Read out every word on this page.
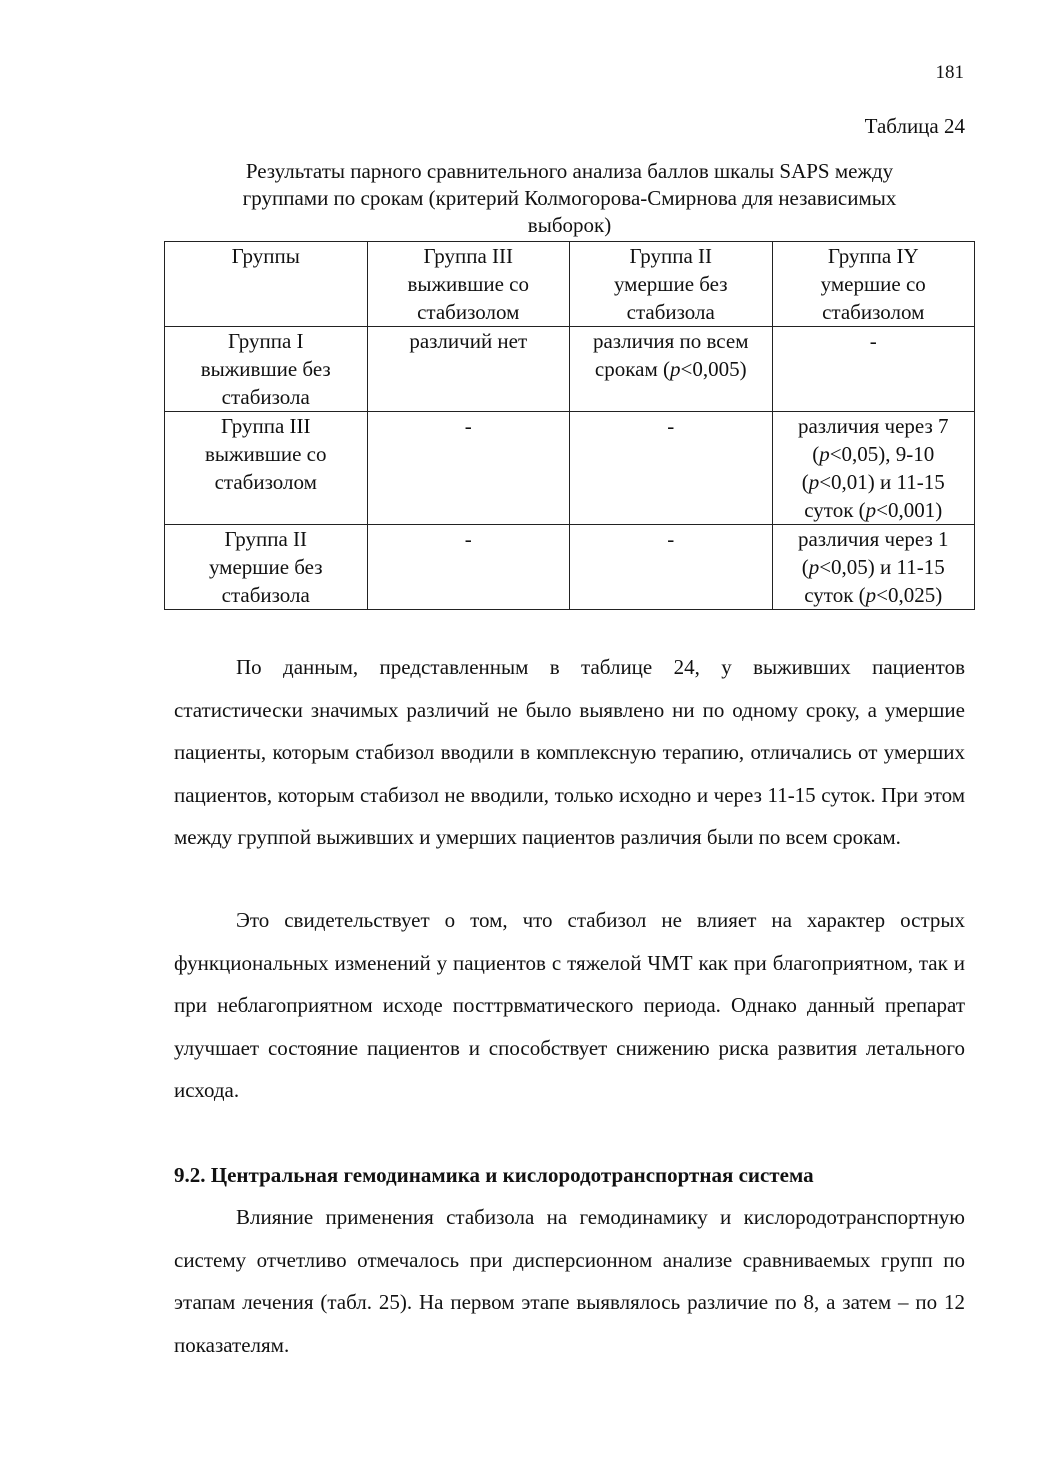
181
Таблица 24
Результаты парного сравнительного анализа баллов шкалы SAPS между
группами по срокам (критерий Колмогорова-Смирнова для независимых
выборок)
Группы	Группа III
выжившие со
стабизолом	Группа II
умершие без
стабизола	Группа IY
умершие со
стабизолом

Группа I
выжившие без
стабизола	различий нет	различия по всем
срокам (p<0,005)	-

Группа III
выжившие со
стабизолом	-	-	различия через 7
(p<0,05), 9-10
(p<0,01) и 11-15
суток (p<0,001)

Группа II
умершие без
стабизола	-	-	различия через 1
(p<0,05) и 11-15
суток (p<0,025)

По данным, представленным в таблице 24, у выживших пациентов статистически значимых различий не было выявлено ни по одному сроку, а умершие пациенты, которым стабизол вводили в комплексную терапию, отличались от умерших пациентов, которым стабизол не вводили, только исходно и через 11-15 суток. При этом между группой выживших и умерших пациентов различия были по всем срокам.

Это свидетельствует о том, что стабизол не влияет на характер острых функциональных изменений у пациентов с тяжелой ЧМТ как при благоприятном, так и при неблагоприятном исходе посттрвматического периода. Однако данный препарат улучшает состояние пациентов и способствует снижению риска развития летального исхода.

9.2. Центральная гемодинамика и кислородотранспортная система

Влияние применения стабизола на гемодинамику и кислородотранспортную систему отчетливо отмечалось при дисперсионном анализе сравниваемых групп по этапам лечения (табл. 25). На первом этапе выявлялось различие по 8, а затем – по 12 показателям.
